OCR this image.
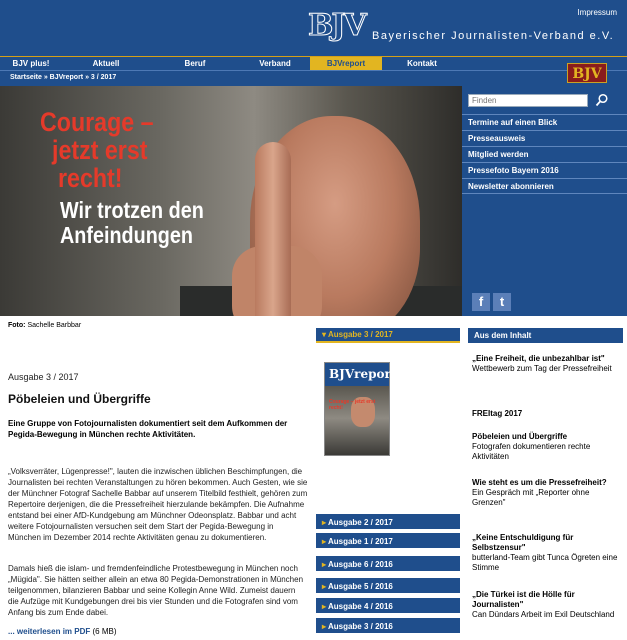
Impressum
BJV Bayerischer Journalisten-Verband e.V.
BJV plus!	Aktuell	Beruf	Verband	BJVreport	Kontakt
Startseite » BJVreport » 3 / 2017	BJV
Courage –
jetzt erst
recht!
Wir trotzen den
Anfeindungen
Finden
Termine auf einen Blick
Presseausweis
Mitglied werden
Pressefoto Bayern 2016
Newsletter abonnieren
f	t
Foto: Sachelle Barbbar
Ausgabe 3 / 2017
Pöbeleien und Übergriffe

Eine Gruppe von Fotojournalisten dokumentiert seit dem Aufkommen der Pegida-Bewegung in München rechte Aktivitäten.

„Volksverräter, Lügenpresse!", lauten die inzwischen üblichen Beschimpfungen, die Journalisten bei rechten Veranstaltungen zu hören bekommen. Auch Gesten, wie sie der Münchner Fotograf Sachelle Babbar auf unserem Titelbild festhielt, gehören zum Repertoire derjenigen, die die Pressefreiheit hierzulande bekämpfen. Die Aufnahme entstand bei einer AfD-Kundgebung am Münchner Odeonsplatz. Babbar und acht weitere Fotojournalisten versuchen seit dem Start der Pegida-Bewegung in München im Dezember 2014 rechte Aktivitäten genau zu dokumentieren.

Damals hieß die islam- und fremdenfeindliche Protestbewegung in München noch „Mügida". Sie hätten seither allein an etwa 80 Pegida-Demonstrationen in München teilgenommen, bilanzieren Babbar und seine Kollegin Anne Wild. Zumeist dauern die Aufzüge mit Kundgebungen drei bis vier Stunden und die Fotografen sind vom Anfang bis zum Ende dabei.

... weiterlesen im PDF (6 MB)
▾ Ausgabe 3 / 2017
BJVreport
Courage – jetzt erst recht!
▸ Ausgabe 2 / 2017
▸ Ausgabe 1 / 2017
▸ Ausgabe 6 / 2016
▸ Ausgabe 5 / 2016
▸ Ausgabe 4 / 2016
▸ Ausgabe 3 / 2016
Aus dem Inhalt
„Eine Freiheit, die unbezahlbar ist"
Wettbewerb zum Tag der Pressefreiheit
FREItag 2017
Pöbeleien und Übergriffe
Fotografen dokumentieren rechte Aktivitäten
Wie steht es um die Pressefreiheit?
Ein Gespräch mit „Reporter ohne Grenzen"
„Keine Entschuldigung für Selbstzensur"
butterland-Team gibt Tunca Ögreten eine Stimme
„Die Türkei ist die Hölle für Journalisten"
Can Dündars Arbeit im Exil Deutschland
